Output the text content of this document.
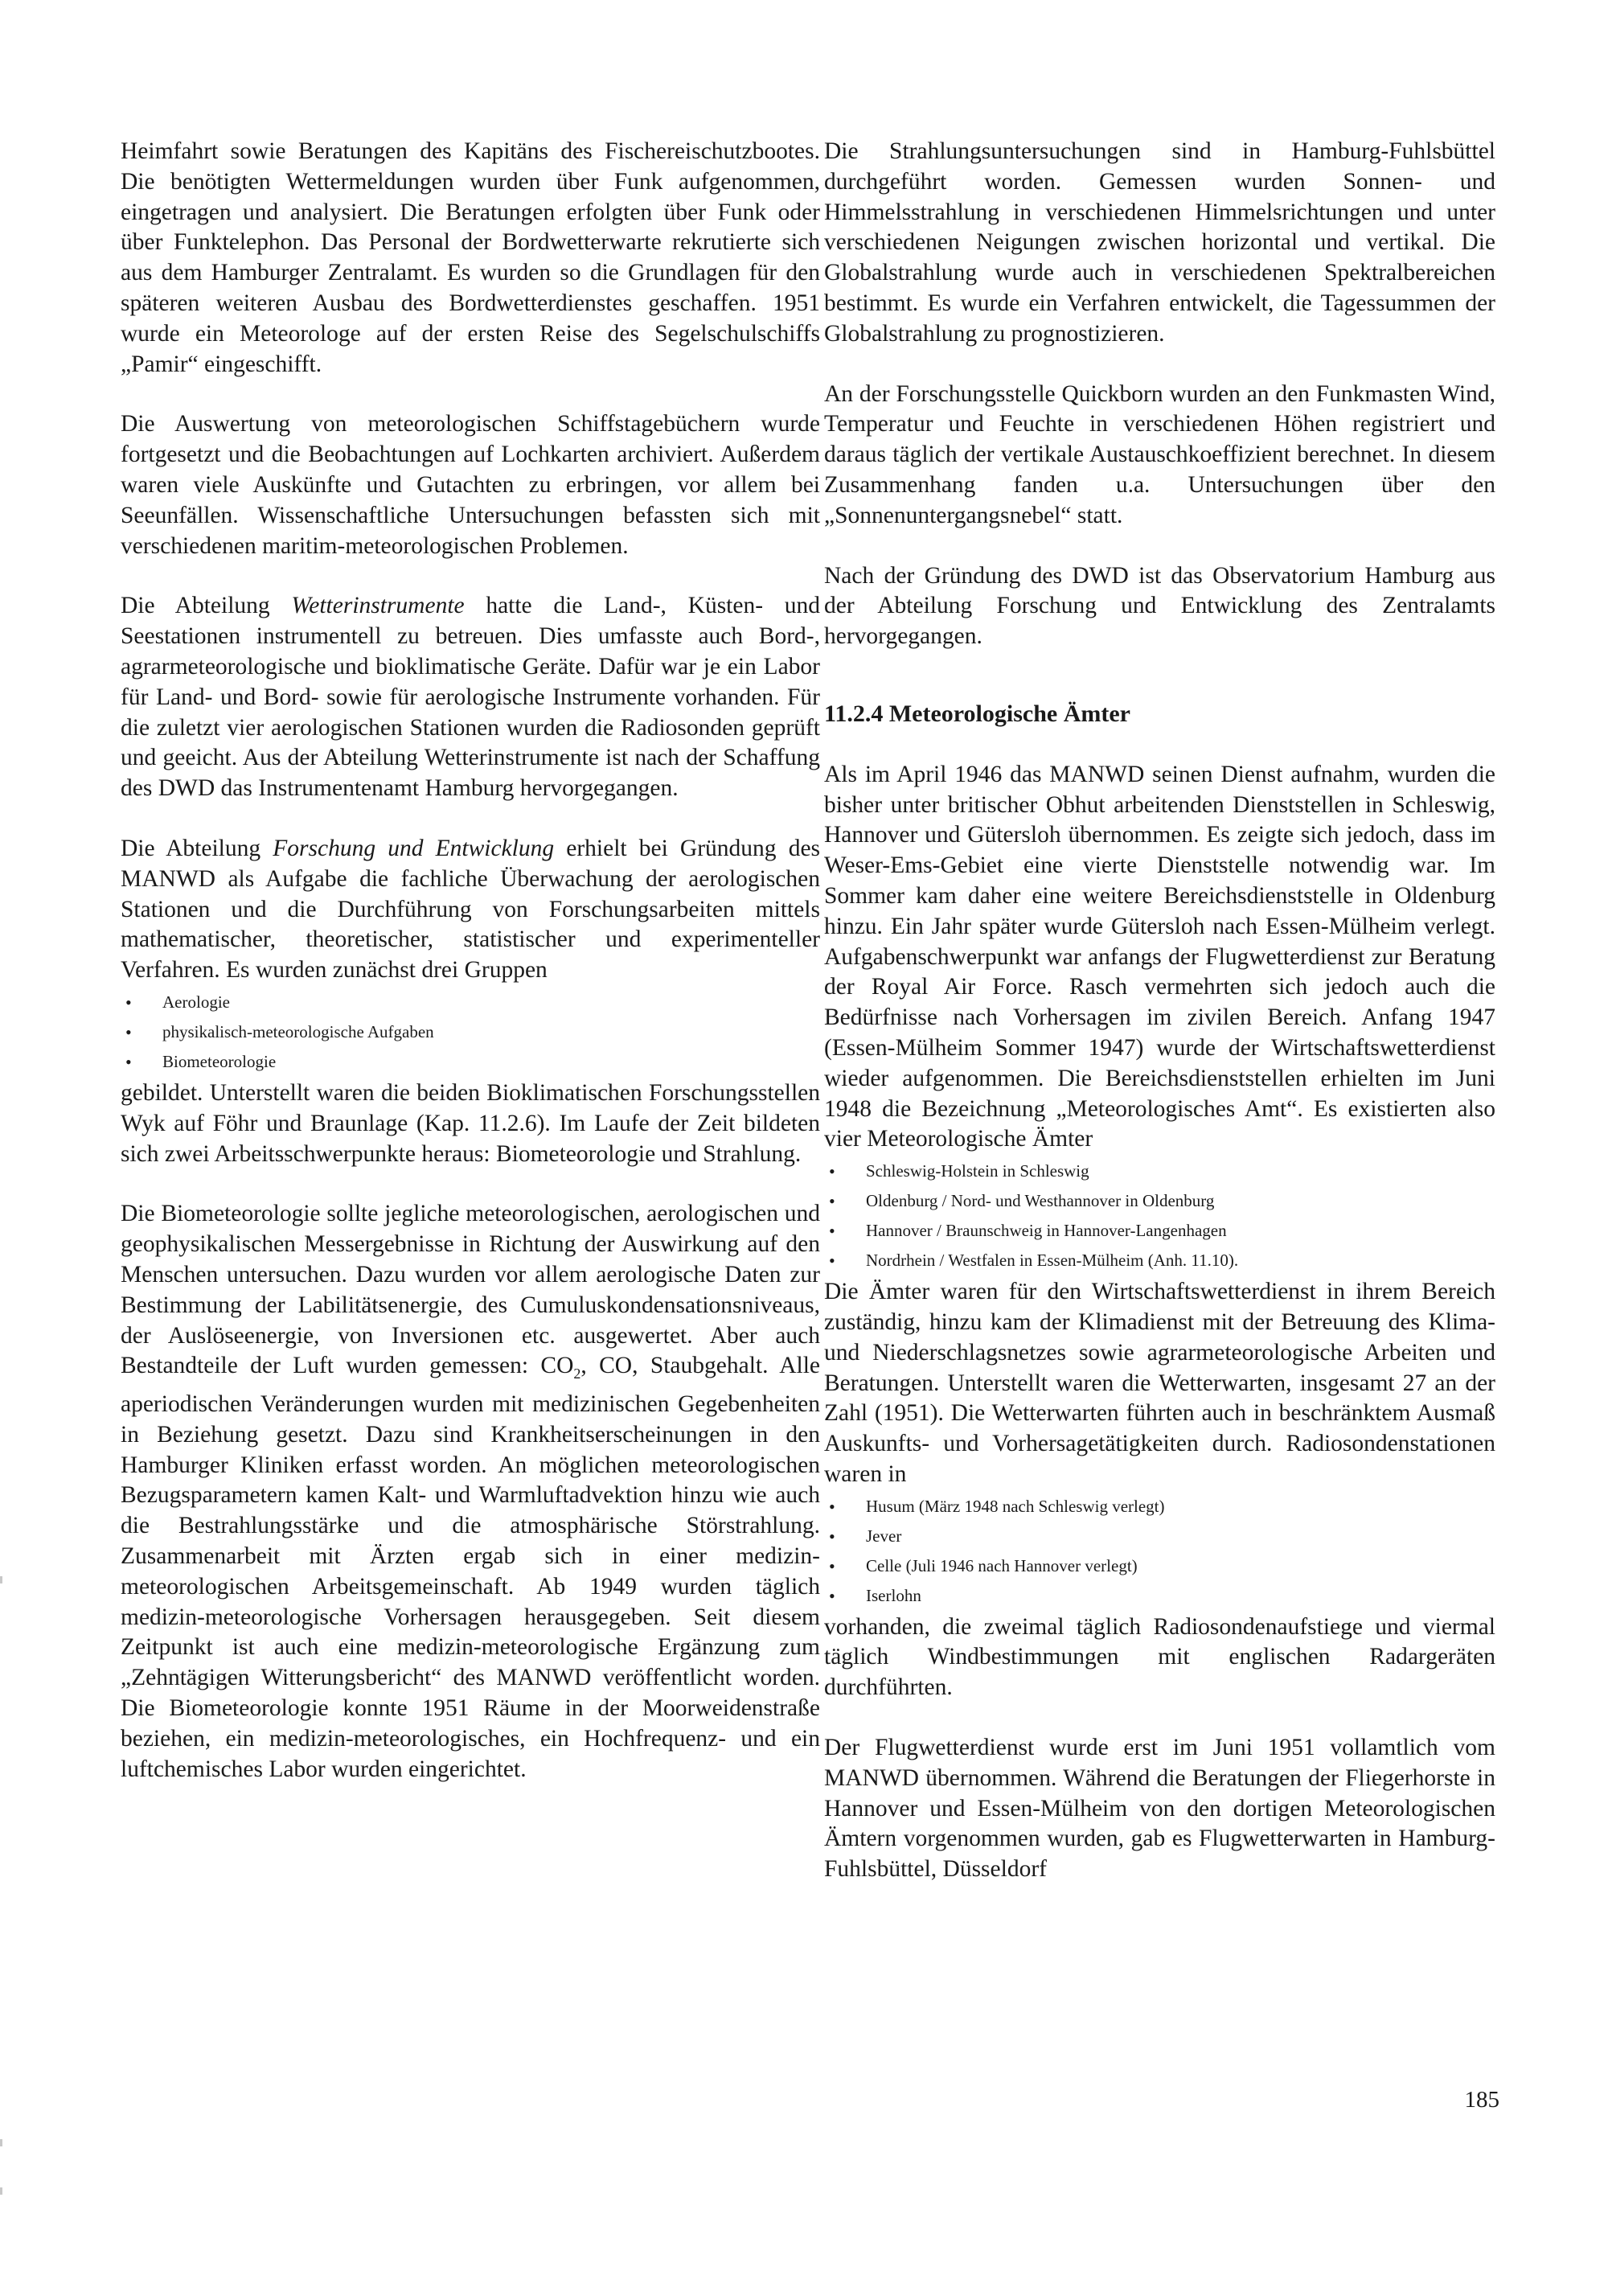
Heimfahrt sowie Beratungen des Kapitäns des Fischereischutzbootes. Die benötigten Wettermeldungen wurden über Funk aufgenommen, eingetragen und analysiert. Die Beratungen erfolgten über Funk oder über Funktelephon. Das Personal der Bordwetterwarte rekrutierte sich aus dem Hamburger Zentralamt. Es wurden so die Grundlagen für den späteren weiteren Ausbau des Bordwetterdienstes geschaffen. 1951 wurde ein Meteorologe auf der ersten Reise des Segelschulschiffs „Pamir“ eingeschifft.

Die Auswertung von meteorologischen Schiffstagebüchern wurde fortgesetzt und die Beobachtungen auf Lochkarten archiviert. Außerdem waren viele Auskünfte und Gutachten zu erbringen, vor allem bei Seeunfällen. Wissenschaftliche Untersuchungen befassten sich mit verschiedenen maritim-meteorologischen Problemen.

Die Abteilung Wetterinstrumente hatte die Land-, Küsten- und Seestationen instrumentell zu betreuen. Dies umfasste auch Bord-, agrarmeteorologische und bioklimatische Geräte. Dafür war je ein Labor für Land- und Bord- sowie für aerologische Instrumente vorhanden. Für die zuletzt vier aerologischen Stationen wurden die Radiosonden geprüft und geeicht. Aus der Abteilung Wetterinstrumente ist nach der Schaffung des DWD das Instrumentenamt Hamburg hervorgegangen.

Die Abteilung Forschung und Entwicklung erhielt bei Gründung des MANWD als Aufgabe die fachliche Überwachung der aerologischen Stationen und die Durchführung von Forschungsarbeiten mittels mathematischer, theoretischer, statistischer und experimenteller Verfahren. Es wurden zunächst drei Gruppen

• Aerologie
• physikalisch-meteorologische Aufgaben
• Biometeorologie

gebildet. Unterstellt waren die beiden Bioklimatischen Forschungsstellen Wyk auf Föhr und Braunlage (Kap. 11.2.6). Im Laufe der Zeit bildeten sich zwei Arbeitsschwerpunkte heraus: Biometeorologie und Strahlung.

Die Biometeorologie sollte jegliche meteorologischen, aerologischen und geophysikalischen Messergebnisse in Richtung der Auswirkung auf den Menschen untersuchen. Dazu wurden vor allem aerologische Daten zur Bestimmung der Labilitätsenergie, des Cumuluskondensationsniveaus, der Auslöseenergie, von Inversionen etc. ausgewertet. Aber auch Bestandteile der Luft wurden gemessen: $CO_2$, CO, Staubgehalt. Alle aperiodischen Veränderungen wurden mit medizinischen Gegebenheiten in Beziehung gesetzt. Dazu sind Krankheitserscheinungen in den Hamburger Kliniken erfasst worden. An möglichen meteorologischen Bezugsparametern kamen Kalt- und Warmluftadvektion hinzu wie auch die Bestrahlungsstärke und die atmosphärische Störstrahlung. Zusammenarbeit mit Ärzten ergab sich in einer medizin-meteorologischen Arbeitsgemeinschaft. Ab 1949 wurden täglich medizin-meteorologische Vorhersagen herausgegeben. Seit diesem Zeitpunkt ist auch eine medizin-meteorologische Ergänzung zum „Zehntägigen Witterungsbericht“ des MANWD veröffentlicht worden. Die Biometeorologie konnte 1951 Räume in der Moorweidenstraße beziehen, ein medizin-meteorologisches, ein Hochfrequenz- und ein luftchemisches Labor wurden eingerichtet.

Die Strahlungsuntersuchungen sind in Hamburg-Fuhlsbüttel durchgeführt worden. Gemessen wurden Sonnen- und Himmelsstrahlung in verschiedenen Himmelsrichtungen und unter verschiedenen Neigungen zwischen horizontal und vertikal. Die Globalstrahlung wurde auch in verschiedenen Spektralbereichen bestimmt. Es wurde ein Verfahren entwickelt, die Tagessummen der Globalstrahlung zu prognostizieren.

An der Forschungsstelle Quickborn wurden an den Funkmasten Wind, Temperatur und Feuchte in verschiedenen Höhen registriert und daraus täglich der vertikale Austauschkoeffizient berechnet. In diesem Zusammenhang fanden u.a. Untersuchungen über den „Sonnenuntergangsnebel“ statt.

Nach der Gründung des DWD ist das Observatorium Hamburg aus der Abteilung Forschung und Entwicklung des Zentralamts hervorgegangen.

11.2.4 Meteorologische Ämter

Als im April 1946 das MANWD seinen Dienst aufnahm, wurden die bisher unter britischer Obhut arbeitenden Dienststellen in Schleswig, Hannover und Gütersloh übernommen. Es zeigte sich jedoch, dass im Weser-Ems-Gebiet eine vierte Dienststelle notwendig war. Im Sommer kam daher eine weitere Bereichsdienststelle in Oldenburg hinzu. Ein Jahr später wurde Gütersloh nach Essen-Mülheim verlegt. Aufgabenschwerpunkt war anfangs der Flugwetterdienst zur Beratung der Royal Air Force. Rasch vermehrten sich jedoch auch die Bedürfnisse nach Vorhersagen im zivilen Bereich. Anfang 1947 (Essen-Mülheim Sommer 1947) wurde der Wirtschaftswetterdienst wieder aufgenommen. Die Bereichsdienststellen erhielten im Juni 1948 die Bezeichnung „Meteorologisches Amt“. Es existierten also vier Meteorologische Ämter

• Schleswig-Holstein in Schleswig
• Oldenburg / Nord- und Westhannover in Oldenburg
• Hannover / Braunschweig in Hannover-Langenhagen
• Nordrhein / Westfalen in Essen-Mülheim (Anh. 11.10).

Die Ämter waren für den Wirtschaftswetterdienst in ihrem Bereich zuständig, hinzu kam der Klimadienst mit der Betreuung des Klima- und Niederschlagsnetzes sowie agrarmeteorologische Arbeiten und Beratungen. Unterstellt waren die Wetterwarten, insgesamt 27 an der Zahl (1951). Die Wetterwarten führten auch in beschränktem Ausmaß Auskunfts- und Vorhersagetätigkeiten durch. Radiosondenstationen waren in

• Husum (März 1948 nach Schleswig verlegt)
• Jever
• Celle (Juli 1946 nach Hannover verlegt)
• Iserlohn

vorhanden, die zweimal täglich Radiosondenaufstiege und viermal täglich Windbestimmungen mit englischen Radargeräten durchführten.

Der Flugwetterdienst wurde erst im Juni 1951 vollamtlich vom MANWD übernommen. Während die Beratungen der Fliegerhorste in Hannover und Essen-Mülheim von den dortigen Meteorologischen Ämtern vorgenommen wurden, gab es Flugwetterwarten in Hamburg-Fuhlsbüttel, Düsseldorf

185
